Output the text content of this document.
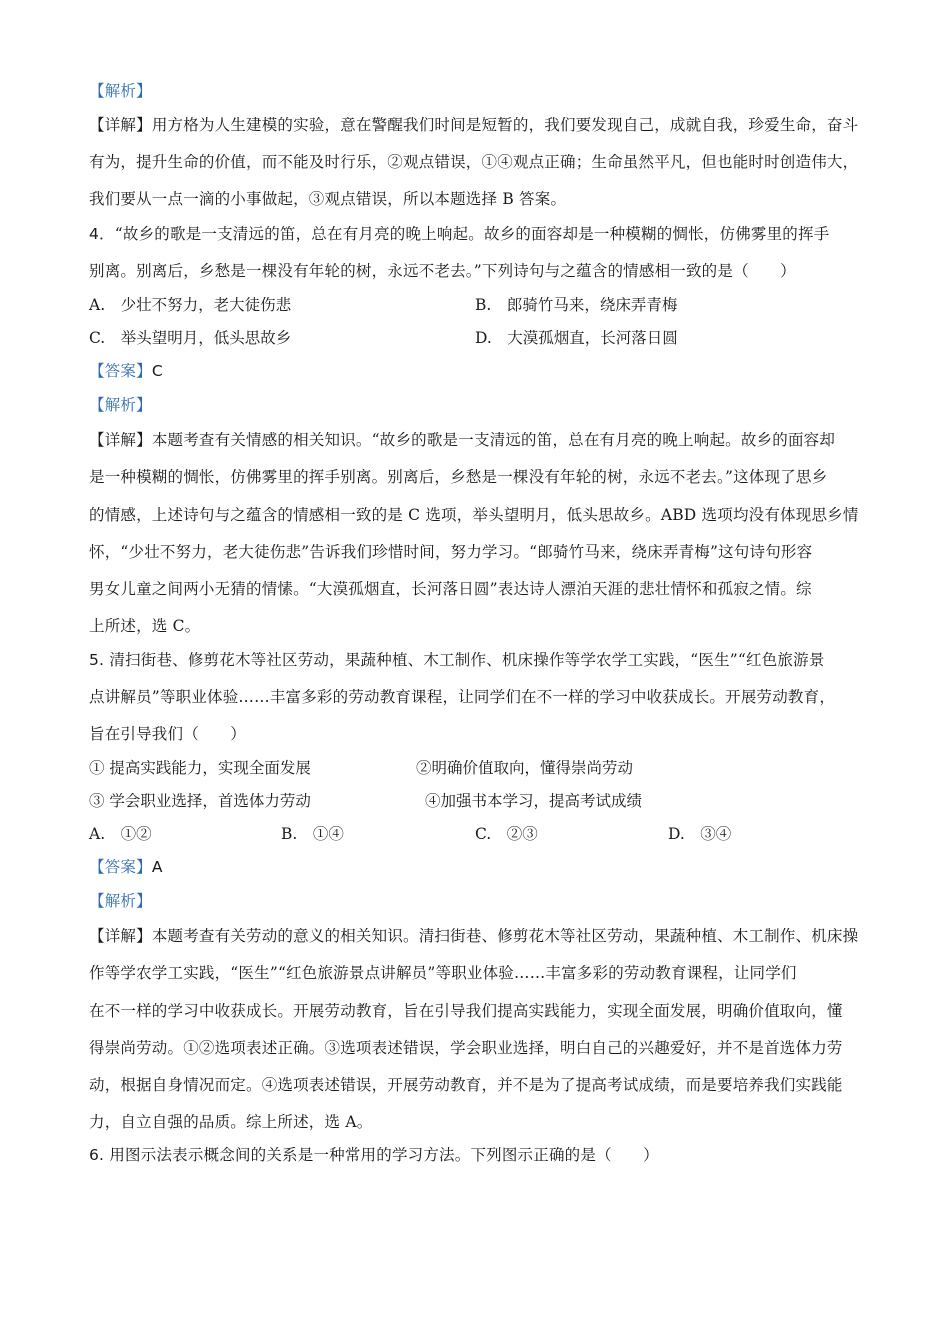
【解析】
【详解】用方格为人生建模的实验，意在警醒我们时间是短暂的，我们要发现自己，成就自我，珍爱生命，奋斗
有为，提升生命的价值，而不能及时行乐，②观点错误，①④观点正确；生命虽然平凡，但也能时时创造伟大，
我们要从一点一滴的小事做起，③观点错误，所以本题选择 B 答案。
4．“故乡的歌是一支清远的笛，总在有月亮的晚上响起。故乡的面容却是一种模糊的惆怅，仿佛雾里的挥手
别离。别离后，乡愁是一棵没有年轮的树，永远不老去。”下列诗句与之蕴含的情感相一致的是（　　）
A.　少壮不努力，老大徒伤悲	B.　郎骑竹马来，绕床弄青梅
C.　举头望明月，低头思故乡	D.　大漠孤烟直，长河落日圆
【答案】C
【解析】
【详解】本题考查有关情感的相关知识。“故乡的歌是一支清远的笛，总在有月亮的晚上响起。故乡的面容却
是一种模糊的惆怅，仿佛雾里的挥手别离。别离后，乡愁是一棵没有年轮的树，永远不老去。”这体现了思乡
的情感，上述诗句与之蕴含的情感相一致的是 C 选项，举头望明月，低头思故乡。ABD 选项均没有体现思乡情
怀，“少壮不努力，老大徒伤悲”告诉我们珍惜时间，努力学习。“郎骑竹马来，绕床弄青梅”这句诗句形容
男女儿童之间两小无猜的情愫。“大漠孤烟直，长河落日圆”表达诗人漂泊天涯的悲壮情怀和孤寂之情。综
上所述，选 C。
5. 清扫街巷、修剪花木等社区劳动，果蔬种植、木工制作、机床操作等学农学工实践，“医生”“红色旅游景
点讲解员”等职业体验……丰富多彩的劳动教育课程，让同学们在不一样的学习中收获成长。开展劳动教育，
旨在引导我们（　　）
① 提高实践能力，实现全面发展	②明确价值取向，懂得崇尚劳动
③ 学会职业选择，首选体力劳动	④加强书本学习，提高考试成绩
A.　①②	B.　①④	C.　②③	D.　③④
【答案】A
【解析】
【详解】本题考查有关劳动的意义的相关知识。清扫街巷、修剪花木等社区劳动，果蔬种植、木工制作、机床操
作等学农学工实践，“医生”“红色旅游景点讲解员”等职业体验……丰富多彩的劳动教育课程，让同学们
在不一样的学习中收获成长。开展劳动教育，旨在引导我们提高实践能力，实现全面发展，明确价值取向，懂
得崇尚劳动。①②选项表述正确。③选项表述错误，学会职业选择，明白自己的兴趣爱好，并不是首选体力劳
动，根据自身情况而定。④选项表述错误，开展劳动教育，并不是为了提高考试成绩，而是要培养我们实践能
力，自立自强的品质。综上所述，选 A。
6. 用图示法表示概念间的关系是一种常用的学习方法。下列图示正确的是（　　）
